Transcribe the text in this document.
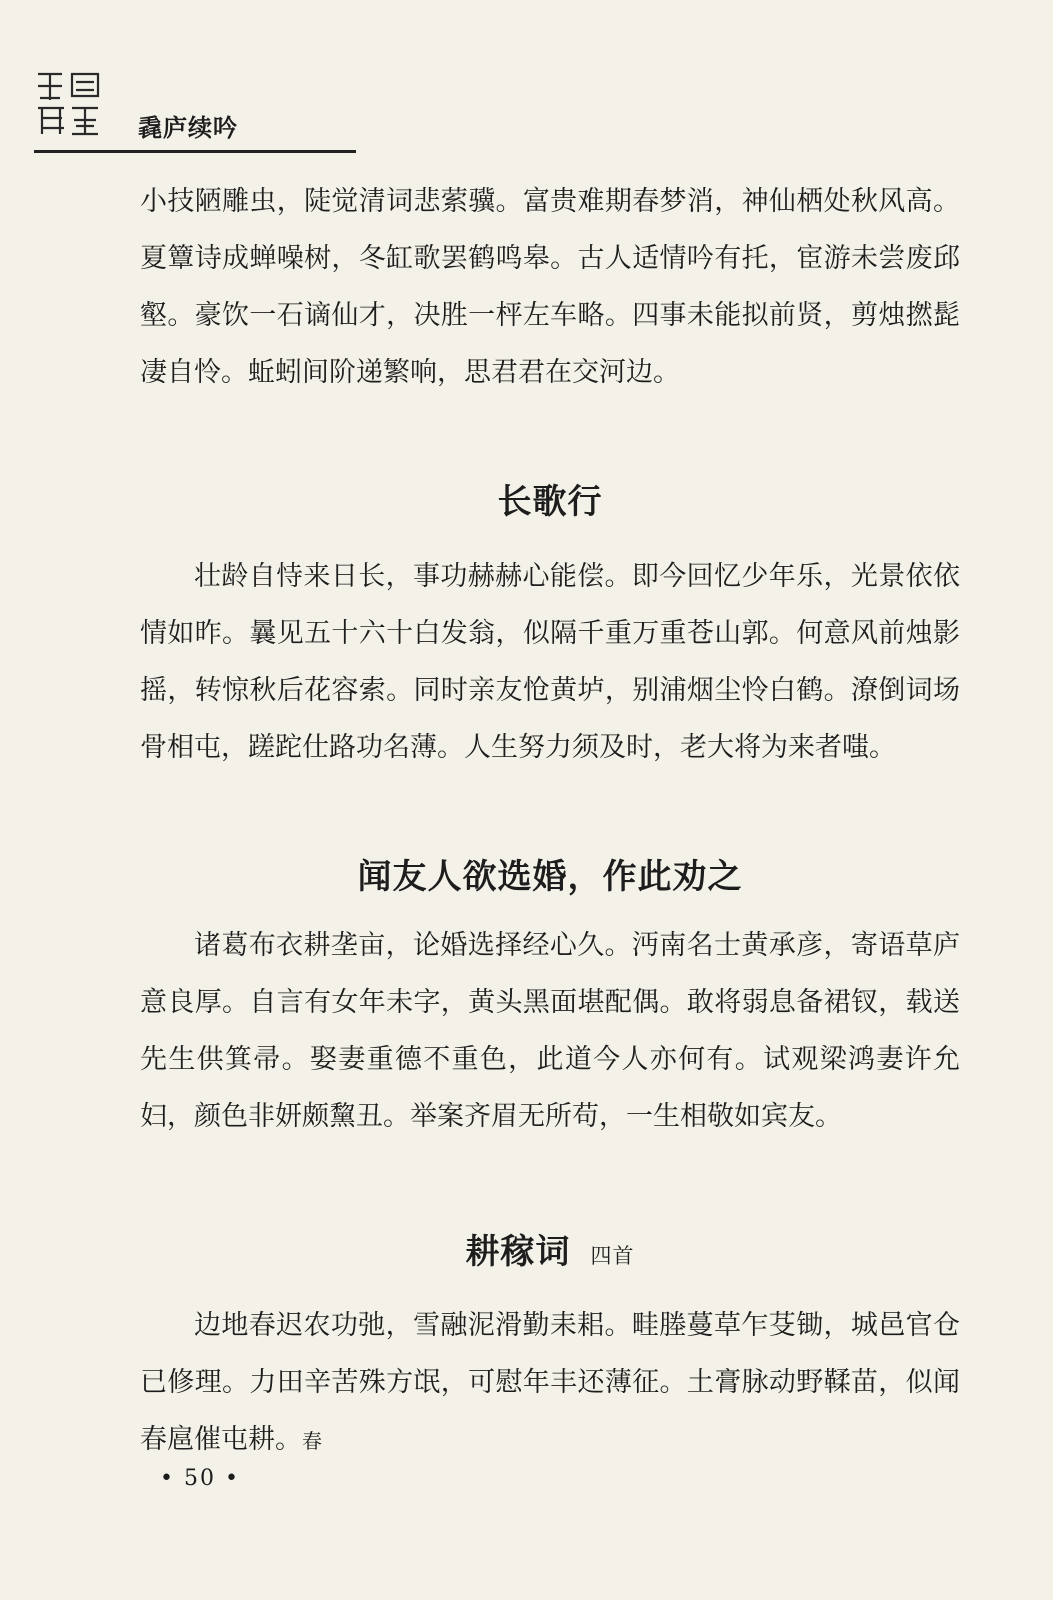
毳庐续吟

小技陋雕虫，陡觉清词悲萦骥。富贵难期春梦消，神仙栖处秋风高。夏簟诗成蝉噪树，冬缸歌罢鹤鸣皋。古人适情吟有托，宦游未尝废邱壑。豪饮一石谪仙才，决胜一枰左车略。四事未能拟前贤，剪烛撚髭凄自怜。蚯蚓间阶递繁响，思君君在交河边。

长歌行

壮龄自恃来日长，事功赫赫心能偿。即今回忆少年乐，光景依依情如昨。曩见五十六十白发翁，似隔千重万重苍山郭。何意风前烛影摇，转惊秋后花容索。同时亲友怆黄垆，别浦烟尘怜白鹤。潦倒词场骨相屯，蹉跎仕路功名薄。人生努力须及时，老大将为来者嗤。

闻友人欲选婚，作此劝之

诸葛布衣耕垄亩，论婚选择经心久。沔南名士黄承彦，寄语草庐意良厚。自言有女年未字，黄头黑面堪配偶。敢将弱息备裙钗，载送先生供箕帚。娶妻重德不重色，此道今人亦何有。试观梁鸿妻许允妇，颜色非妍颇黧丑。举案齐眉无所苟，一生相敬如宾友。

耕稼词 四首

边地春迟农功弛，雪融泥滑勤耒耜。畦塍蔓草乍芟锄，城邑官仓已修理。力田辛苦殊方氓，可慰年丰还薄征。土膏脉动野鞣苗，似闻春扈催屯耕。春

• 50 •
